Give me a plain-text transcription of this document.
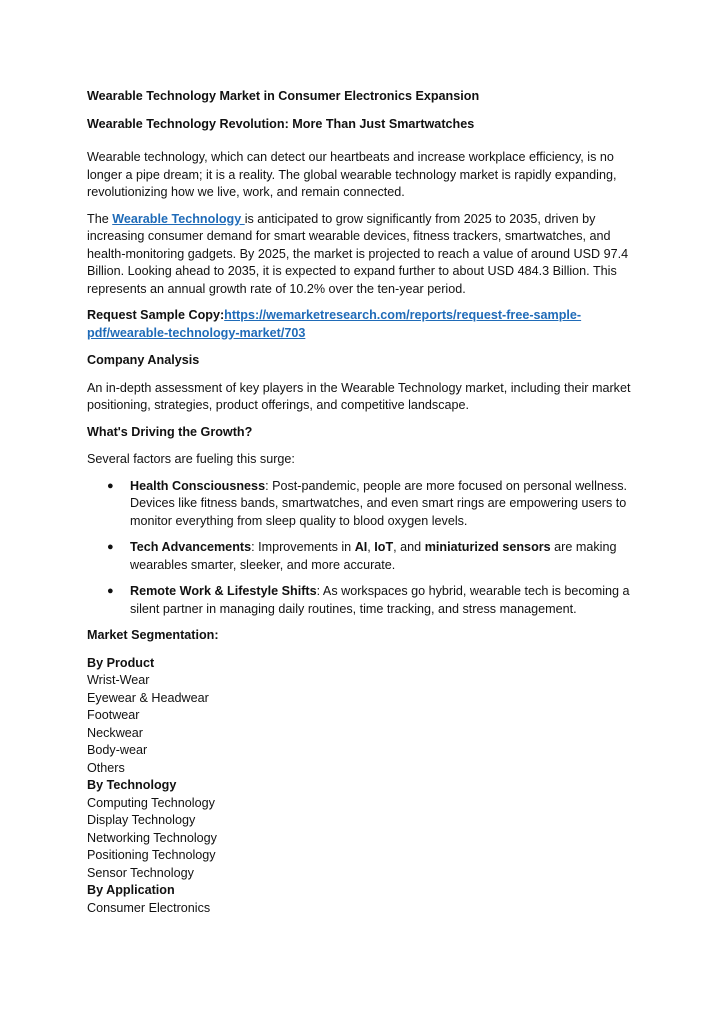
Wearable Technology Market in Consumer Electronics Expansion
Wearable Technology Revolution: More Than Just Smartwatches

Wearable technology, which can detect our heartbeats and increase workplace efficiency, is no longer a pipe dream; it is a reality. The global wearable technology market is rapidly expanding, revolutionizing how we live, work, and remain connected.

The Wearable Technology is anticipated to grow significantly from 2025 to 2035, driven by increasing consumer demand for smart wearable devices, fitness trackers, smartwatches, and health-monitoring gadgets. By 2025, the market is projected to reach a value of around USD 97.4 Billion. Looking ahead to 2035, it is expected to expand further to about USD 484.3 Billion. This represents an annual growth rate of 10.2% over the ten-year period.

Request Sample Copy:https://wemarketresearch.com/reports/request-free-sample-pdf/wearable-technology-market/703

Company Analysis

An in-depth assessment of key players in the Wearable Technology market, including their market positioning, strategies, product offerings, and competitive landscape.

What's Driving the Growth?

Several factors are fueling this surge:

● Health Consciousness: Post-pandemic, people are more focused on personal wellness. Devices like fitness bands, smartwatches, and even smart rings are empowering users to monitor everything from sleep quality to blood oxygen levels.
● Tech Advancements: Improvements in AI, IoT, and miniaturized sensors are making wearables smarter, sleeker, and more accurate.
● Remote Work & Lifestyle Shifts: As workspaces go hybrid, wearable tech is becoming a silent partner in managing daily routines, time tracking, and stress management.

Market Segmentation:

By Product
Wrist-Wear
Eyewear & Headwear
Footwear
Neckwear
Body-wear
Others
By Technology
Computing Technology
Display Technology
Networking Technology
Positioning Technology
Sensor Technology
By Application
Consumer Electronics
